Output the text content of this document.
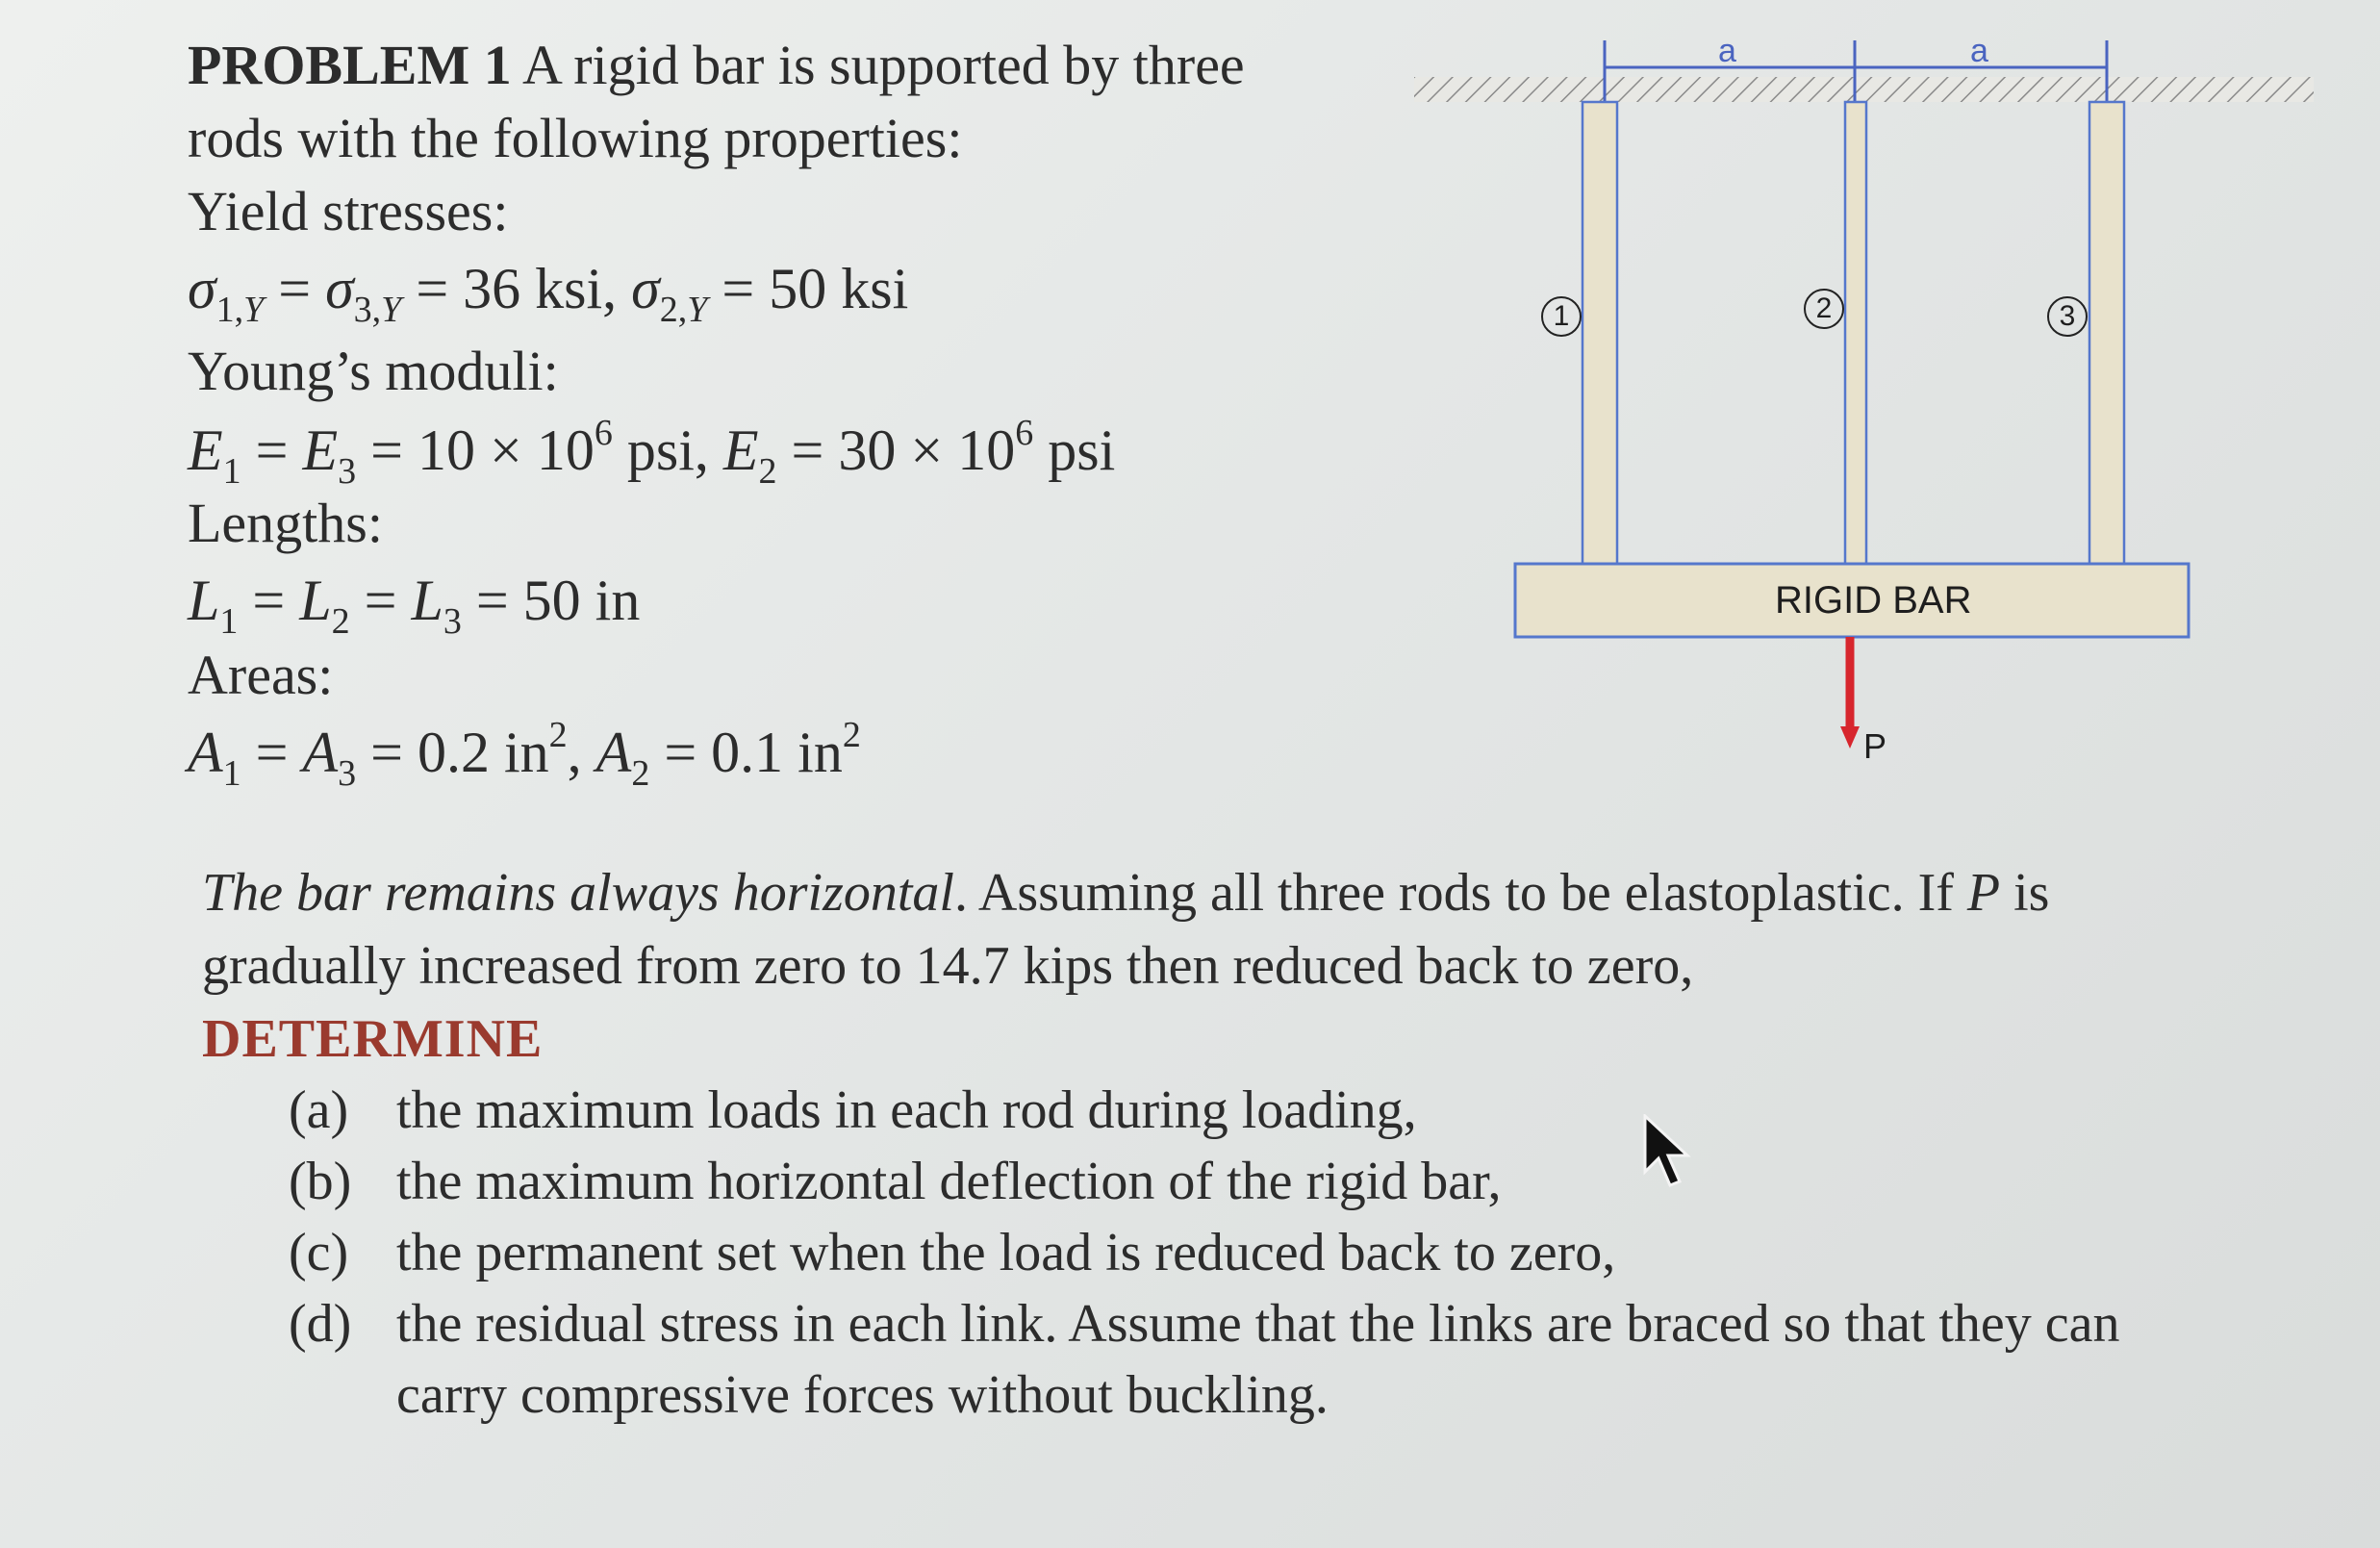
PROBLEM 1 A rigid bar is supported by three
rods with the following properties:
Yield stresses:
$\sigma_{1,Y} = \sigma_{3,Y} = 36$ ksi, $\sigma_{2,Y} = 50$ ksi
Young’s moduli:
$E_1 = E_3 = 10 \times 10^6$ psi, $E_2 = 30 \times 10^6$ psi
Lengths:
$L_1 = L_2 = L_3 = 50$ in
Areas:
$A_1 = A_3 = 0.2$ $in^2$, $A_2 = 0.1$ $in^2$
a	a
1	2	3
RIGID BAR
P
The bar remains always horizontal. Assuming all three rods to be elastoplastic. If P is
gradually increased from zero to 14.7 kips then reduced back to zero,
DETERMINE
(a) the maximum loads in each rod during loading,
(b) the maximum horizontal deflection of the rigid bar,
(c) the permanent set when the load is reduced back to zero,
(d) the residual stress in each link. Assume that the links are braced so that they can
carry compressive forces without buckling.
